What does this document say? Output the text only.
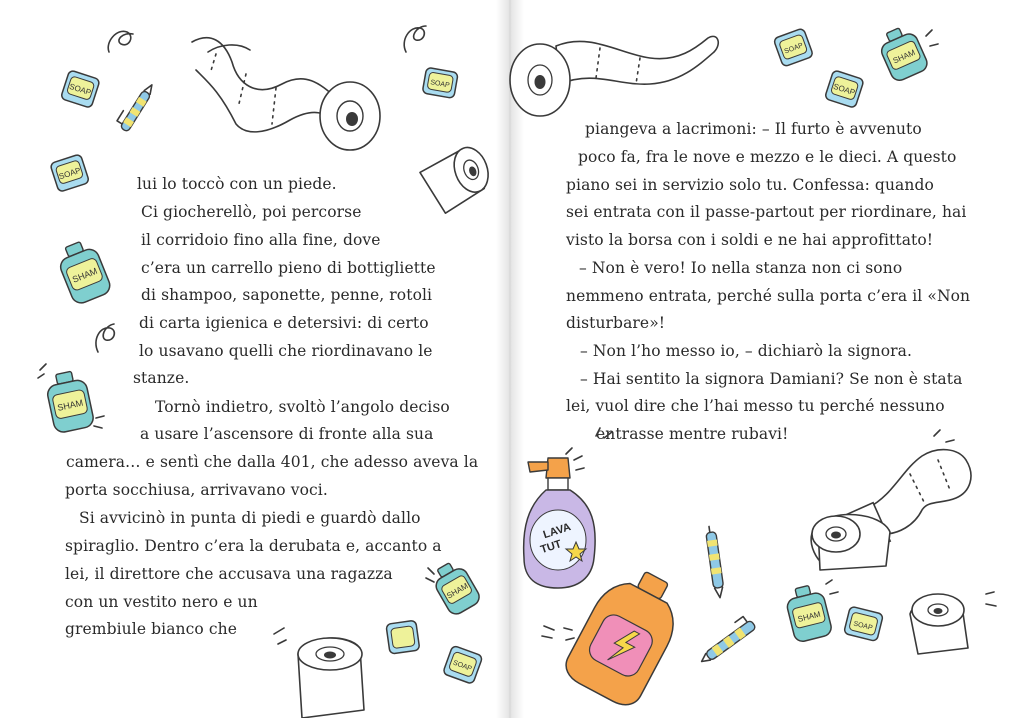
lui lo toccò con un piede.
Ci giocherellò, poi percorse
il corridoio fino alla fine, dove
c’era un carrello pieno di bottigliette
di shampoo, saponette, penne, rotoli
di carta igienica e detersivi: di certo
lo usavano quelli che riordinavano le
stanze.
Tornò indietro, svoltò l’angolo deciso
a usare l’ascensore di fronte alla sua
camera… e sentì che dalla 401, che adesso aveva la
porta socchiusa, arrivavano voci.
Si avvicinò in punta di piedi e guardò dallo
spiraglio. Dentro c’era la derubata e, accanto a
lei, il direttore che accusava una ragazza
con un vestito nero e un
grembiule bianco che
piangeva a lacrimoni: – Il furto è avvenuto
poco fa, fra le nove e mezzo e le dieci. A questo
piano sei in servizio solo tu. Confessa: quando
sei entrata con il passe-partout per riordinare, hai
visto la borsa con i soldi e ne hai approfittato!
– Non è vero! Io nella stanza non ci sono
nemmeno entrata, perché sulla porta c’era il «Non
disturbare»!
– Non l’ho messo io, – dichiarò la signora.
– Hai sentito la signora Damiani? Se non è stata
lei, vuol dire che l’hai messo tu perché nessuno
entrasse mentre rubavi!
SOAP	SOAP
SOAP
SHAM
SHAM
SHAM
SOAP
SOAP	SHAM
SOAP
LAVA
TUT
SHAM
SOAP
